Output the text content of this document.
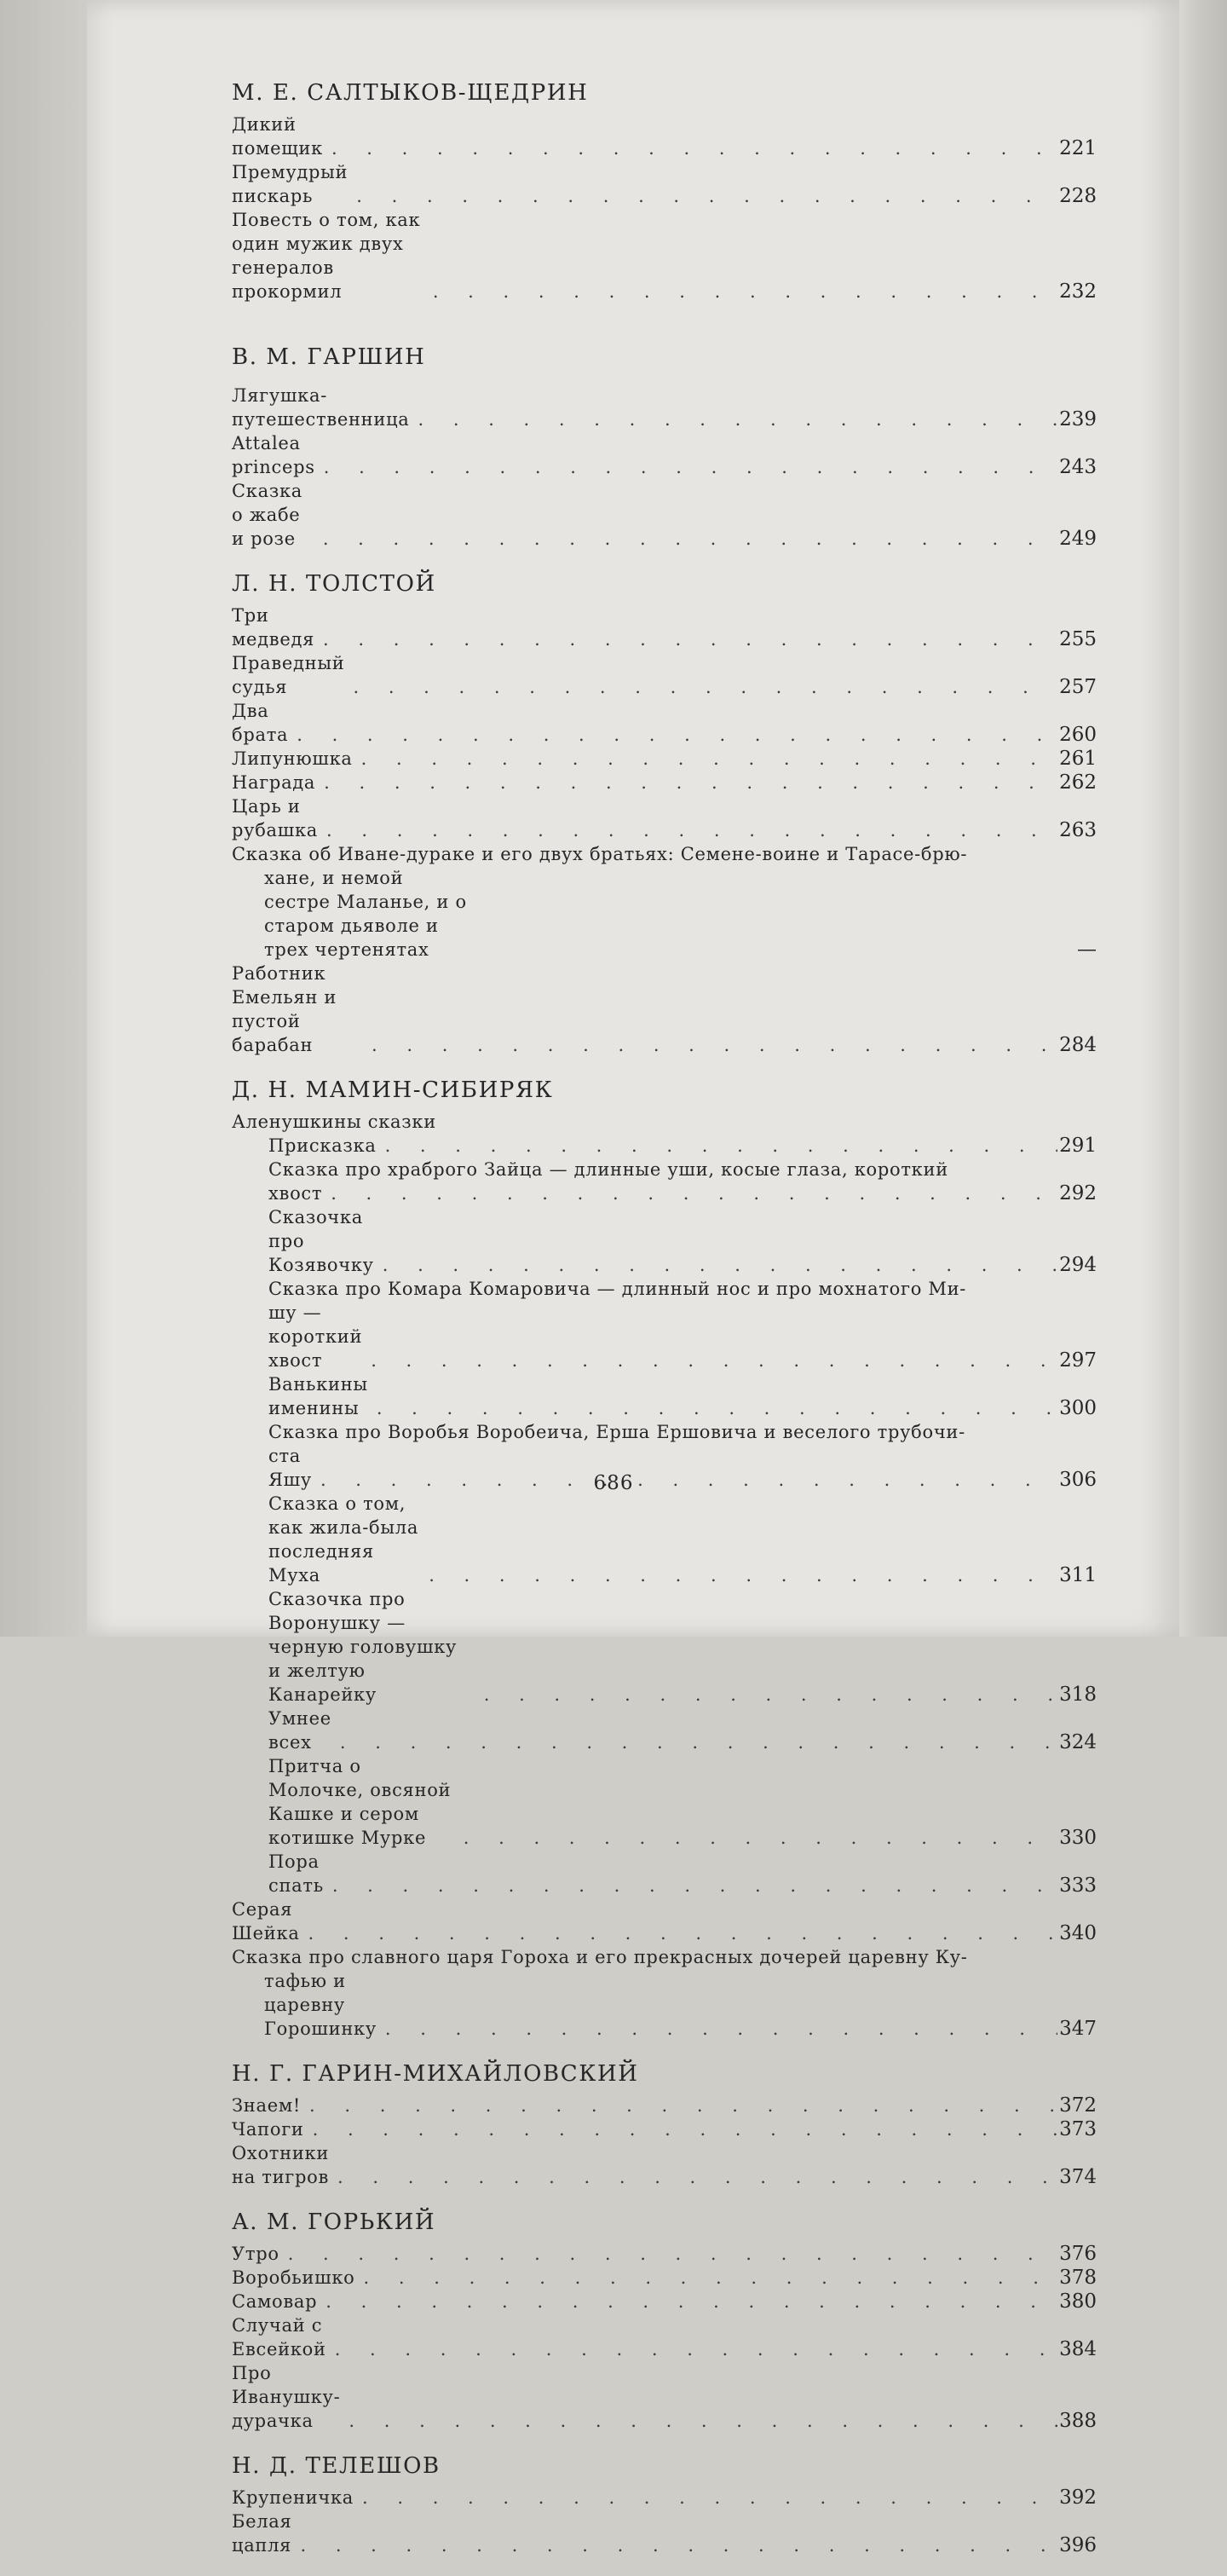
М. Е. САЛТЫКОВ-ЩЕДРИН
Дикий помещик . . .	221
Премудрый пискарь . . .	228
Повесть о том, как один мужик двух генералов прокормил . . .	232
В. М. ГАРШИН
Лягушка-путешественница . . .	239
Attalea princeps . . .	243
Сказка о жабе и розе . . .	249
Л. Н. ТОЛСТОЙ
Три медведя . . .	255
Праведный судья . . .	257
Два брата . . .	260
Липунюшка . . .	261
Награда . . .	262
Царь и рубашка . . .	263
Сказка об Иване-дураке и его двух братьях: Семене-воине и Тарасе-брю-
хане, и немой сестре Маланье, и о старом дьяволе и трех чертенятах	—
Работник Емельян и пустой барабан . . .	284
Д. Н. МАМИН-СИБИРЯК
Аленушкины сказки
Присказка . . .	291
Сказка про храброго Зайца — длинные уши, косые глаза, короткий
хвост . . .	292
Сказочка про Козявочку . . .	294
Сказка про Комара Комаровича — длинный нос и про мохнатого Ми-
шу — короткий хвост . . .	297
Ванькины именины . . .	300
Сказка про Воробья Воробеича, Ерша Ершовича и веселого трубочи-
ста Яшу . . .	306
Сказка о том, как жила-была последняя Муха . . .	311
Сказочка про Воронушку — черную головушку и желтую Канарейку . . .	318
Умнее всех . . .	324
Притча о Молочке, овсяной Кашке и сером котишке Мурке . . .	330
Пора спать . . .	333
Серая Шейка . . .	340
Сказка про славного царя Гороха и его прекрасных дочерей царевну Ку-
тафью и царевну Горошинку . . .	347
Н. Г. ГАРИН-МИХАЙЛОВСКИЙ
Знаем! . . .	372
Чапоги . . .	373
Охотники на тигров . . .	374
А. М. ГОРЬКИЙ
Утро . . .	376
Воробьишко . . .	378
Самовар . . .	380
Случай с Евсейкой . . .	384
Про Иванушку-дурачка . . .	388
Н. Д. ТЕЛЕШОВ
Крупеничка . . .	392
Белая цапля . . .	396
686
